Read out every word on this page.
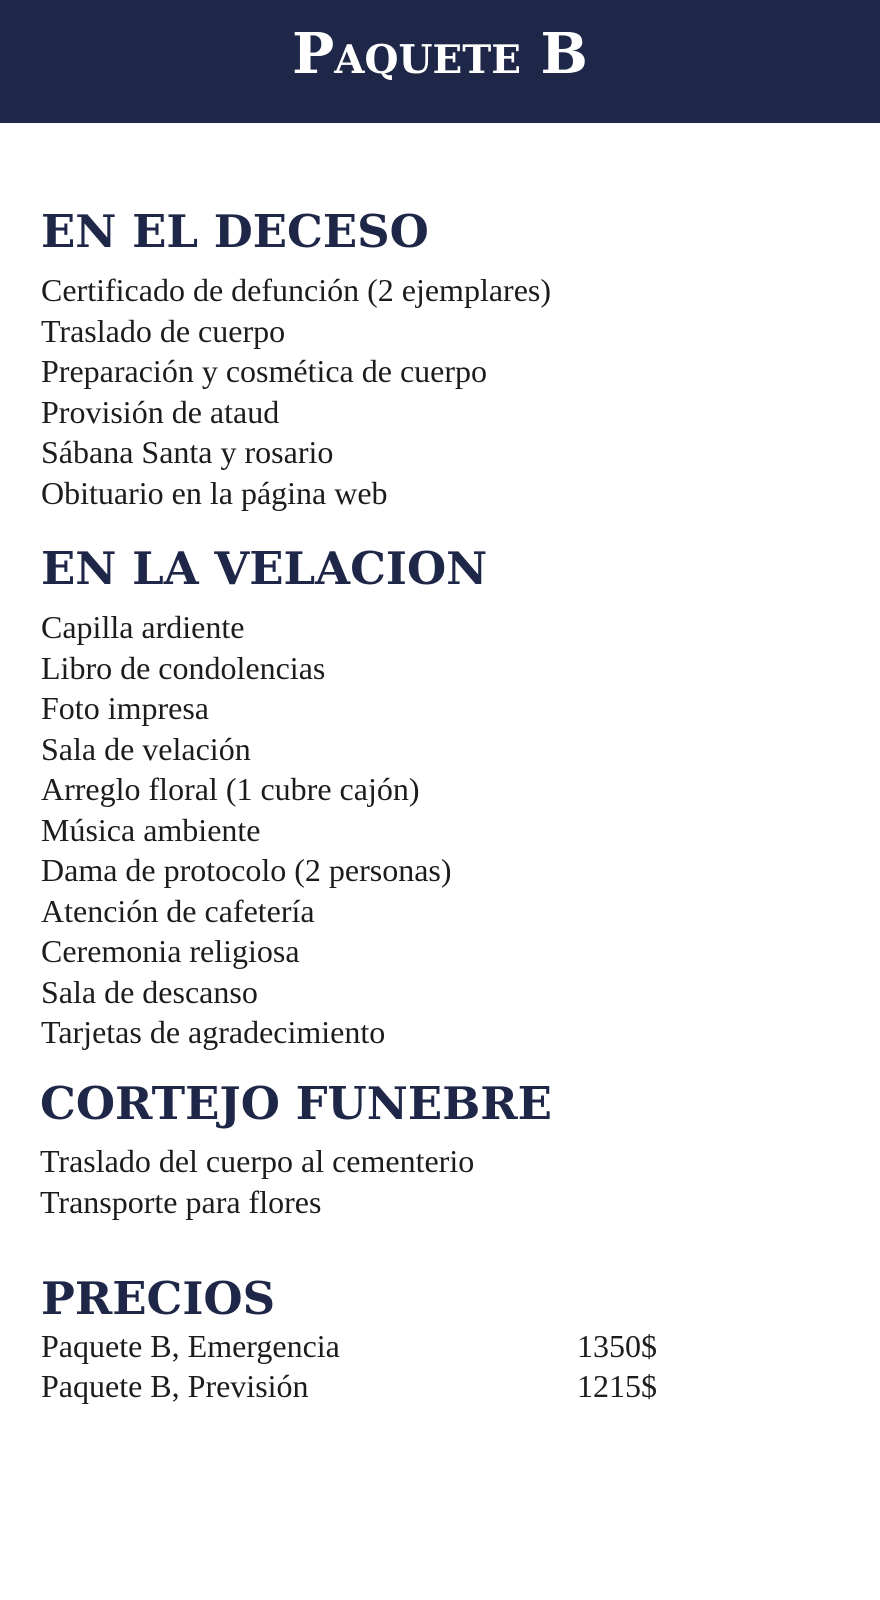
Paquete B
EN EL DECESO
Certificado de defunción (2 ejemplares)
Traslado de cuerpo
Preparación y cosmética de cuerpo
Provisión de ataud
Sábana Santa y rosario
Obituario en la página web
EN LA VELACION
Capilla ardiente
Libro de condolencias
Foto impresa
Sala de velación
Arreglo floral (1 cubre cajón)
Música ambiente
Dama de protocolo (2 personas)
Atención de cafetería
Ceremonia religiosa
Sala de descanso
Tarjetas de agradecimiento
CORTEJO FUNEBRE
Traslado del cuerpo al cementerio
Transporte para flores
PRECIOS
Paquete B, Emergencia	1350$
Paquete B, Previsión	1215$
